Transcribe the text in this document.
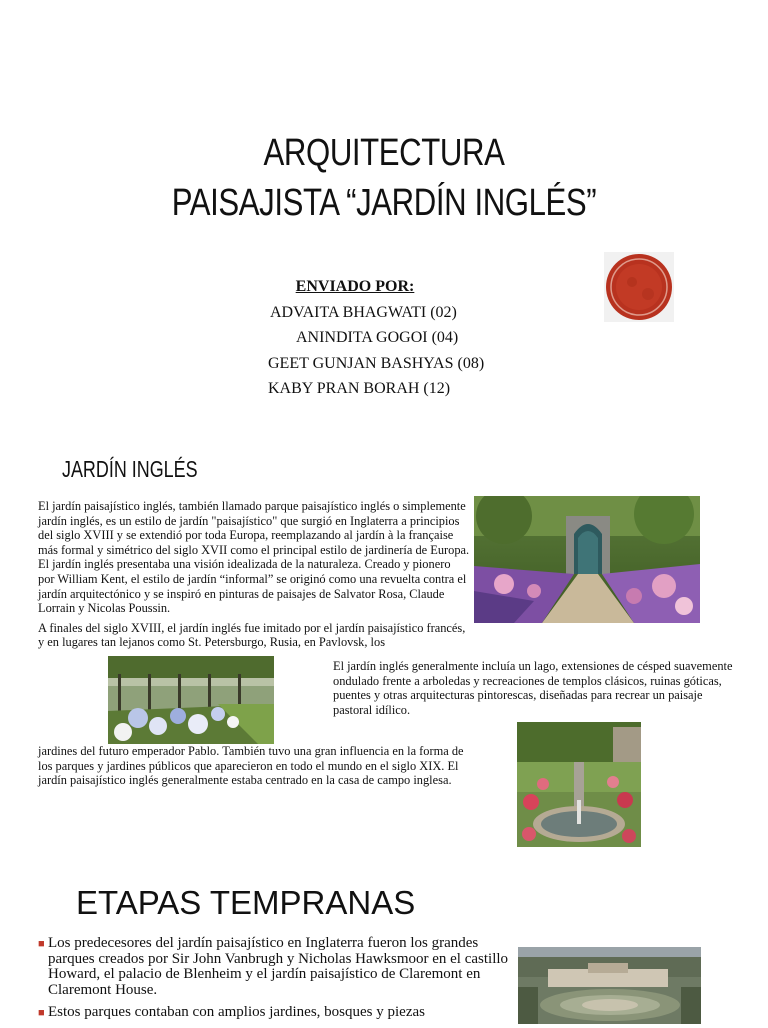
ARQUITECTURA
PAISAJISTA “JARDÍN INGLÉS”
ENVIADO POR:
ADVAITA BHAGWATI (02)
ANINDITA GOGOI (04)
GEET GUNJAN BASHYAS (08)
KABY PRAN BORAH (12)
JARDÍN INGLÉS

El jardín paisajístico inglés, también llamado parque paisajístico inglés o simplemente jardín inglés, es un estilo de jardín "paisajístico" que surgió en Inglaterra a principios del siglo XVIII y se extendió por toda Europa, reemplazando al jardín à la française más formal y simétrico del siglo XVII como el principal estilo de jardinería de Europa. El jardín inglés presentaba una visión idealizada de la naturaleza. Creado y pionero por William Kent, el estilo de jardín “informal” se originó como una revuelta contra el jardín arquitectónico y se inspiró en pinturas de paisajes de Salvator Rosa, Claude Lorrain y Nicolas Poussin.

A finales del siglo XVIII, el jardín inglés fue imitado por el jardín paisajístico francés, y en lugares tan lejanos como St. Petersburgo, Rusia, en Pavlovsk, los

El jardín inglés generalmente incluía un lago, extensiones de césped suavemente ondulado frente a arboledas y recreaciones de templos clásicos, ruinas góticas, puentes y otras arquitecturas pintorescas, diseñadas para recrear un paisaje pastoral idílico.

jardines del futuro emperador Pablo. También tuvo una gran influencia en la forma de los parques y jardines públicos que aparecieron en todo el mundo en el siglo XIX. El jardín paisajístico inglés generalmente estaba centrado en la casa de campo inglesa.

ETAPAS TEMPRANAS
■ Los predecesores del jardín paisajístico en Inglaterra fueron los grandes parques creados por Sir John Vanbrugh y Nicholas Hawksmoor en el castillo Howard, el palacio de Blenheim y el jardín paisajístico de Claremont en Claremont House.
■ Estos parques contaban con amplios jardines, bosques y piezas
